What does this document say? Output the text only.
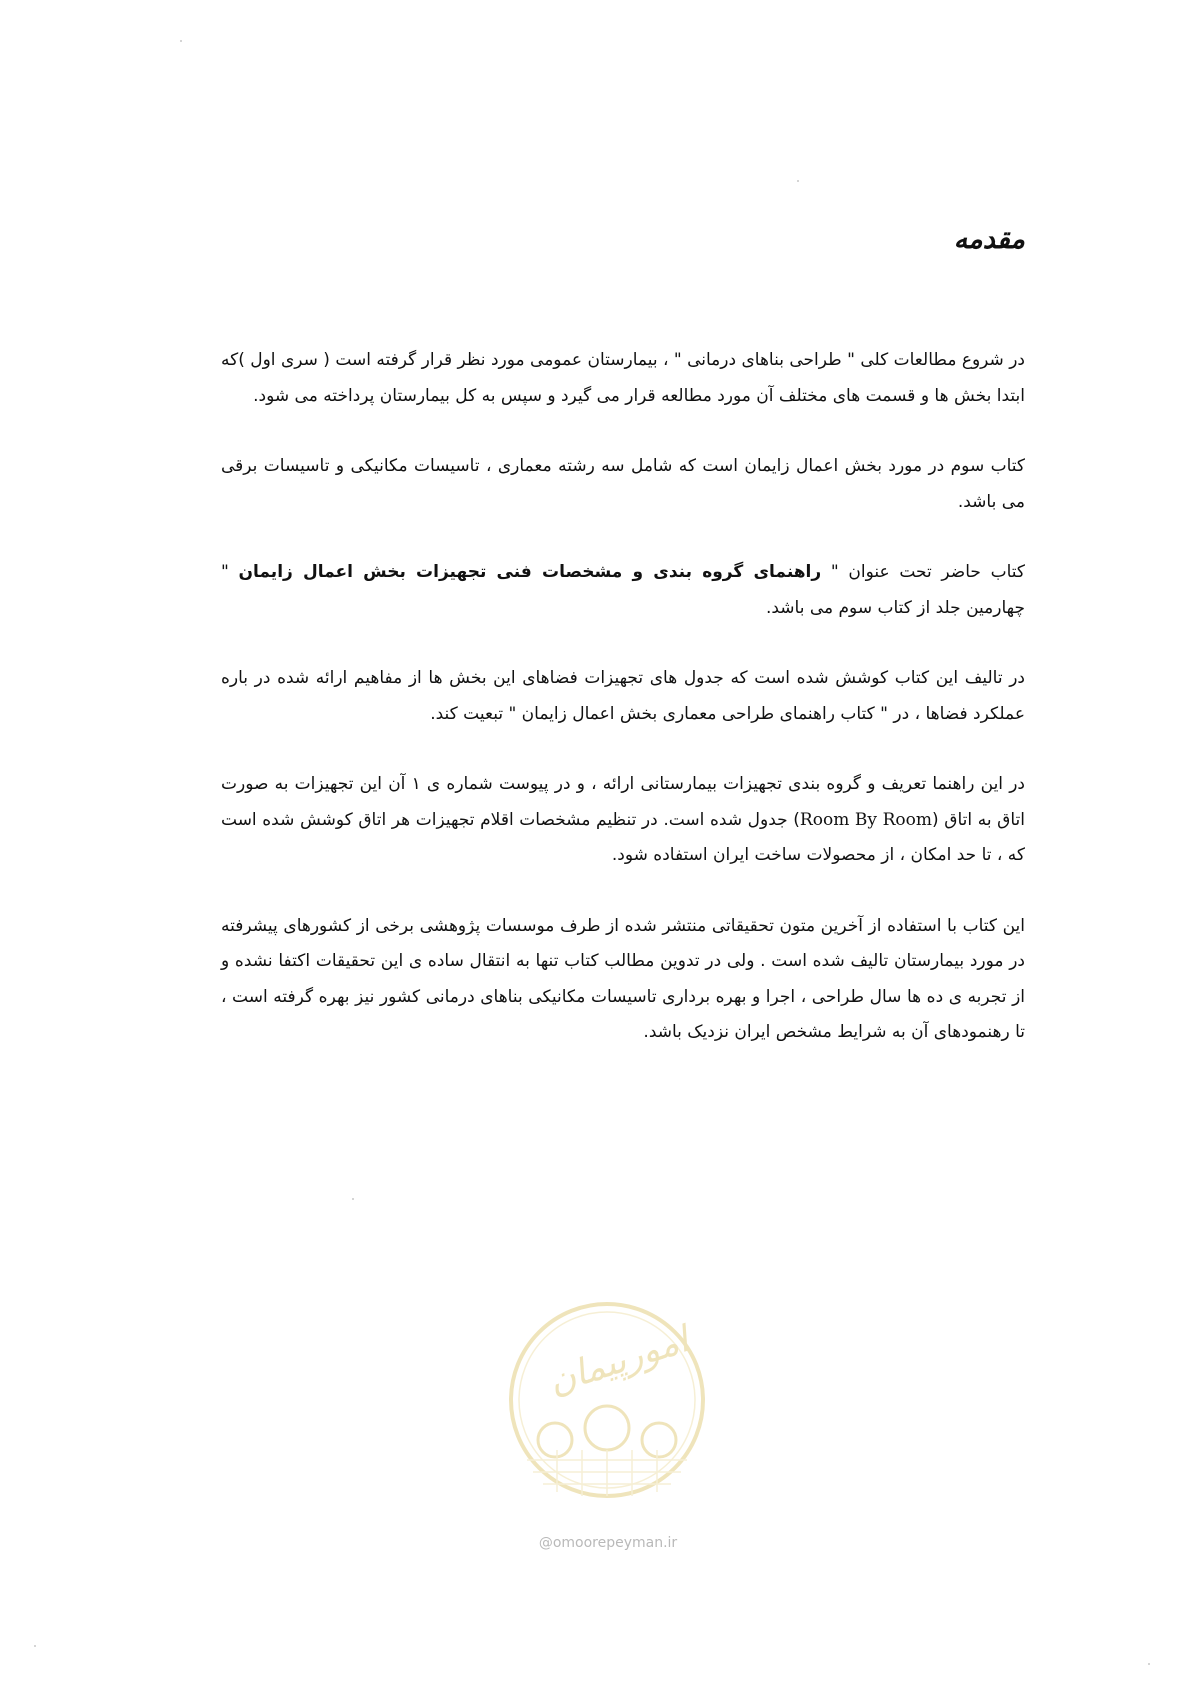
مقدمه

در شروع مطالعات کلی " طراحی بناهای درمانی " ، بیمارستان عمومی مورد نظر قرار گرفته است ( سری اول )که ابتدا بخش ها و قسمت های مختلف آن مورد مطالعه قرار می گیرد و سپس به کل بیمارستان پرداخته می شود.

کتاب سوم در مورد بخش اعمال زایمان است که شامل سه رشته معماری ، تاسیسات مکانیکی و تاسیسات برقی می باشد.

کتاب حاضر تحت عنوان " راهنمای گروه بندی و مشخصات فنی تجهیزات بخش اعمال زایمان " چهارمین جلد از کتاب سوم می باشد.

در تالیف این کتاب کوشش شده است که جدول های تجهیزات فضاهای این بخش ها از مفاهیم ارائه شده در باره عملکرد فضاها ، در " کتاب راهنمای طراحی معماری بخش اعمال زایمان " تبعیت کند.

در این راهنما تعریف و گروه بندی تجهیزات بیمارستانی ارائه ، و در پیوست شماره ی ۱ آن این تجهیزات به صورت اتاق به اتاق (Room By Room) جدول شده است. در تنظیم مشخصات اقلام تجهیزات هر اتاق کوشش شده است که ، تا حد امکان ، از محصولات ساخت ایران استفاده شود.

این کتاب با استفاده از آخرین متون تحقیقاتی منتشر شده از طرف موسسات پژوهشی برخی از کشورهای پیشرفته در مورد بیمارستان تالیف شده است . ولی در تدوین مطالب کتاب تنها به انتقال ساده ی این تحقیقات اکتفا نشده و از تجربه ی ده ها سال طراحی ، اجرا و بهره برداری تاسیسات مکانیکی بناهای درمانی کشور نیز بهره گرفته است ، تا رهنمودهای آن به شرایط مشخص ایران نزدیک باشد.

امورپیمان
@omoorepeyman.ir
